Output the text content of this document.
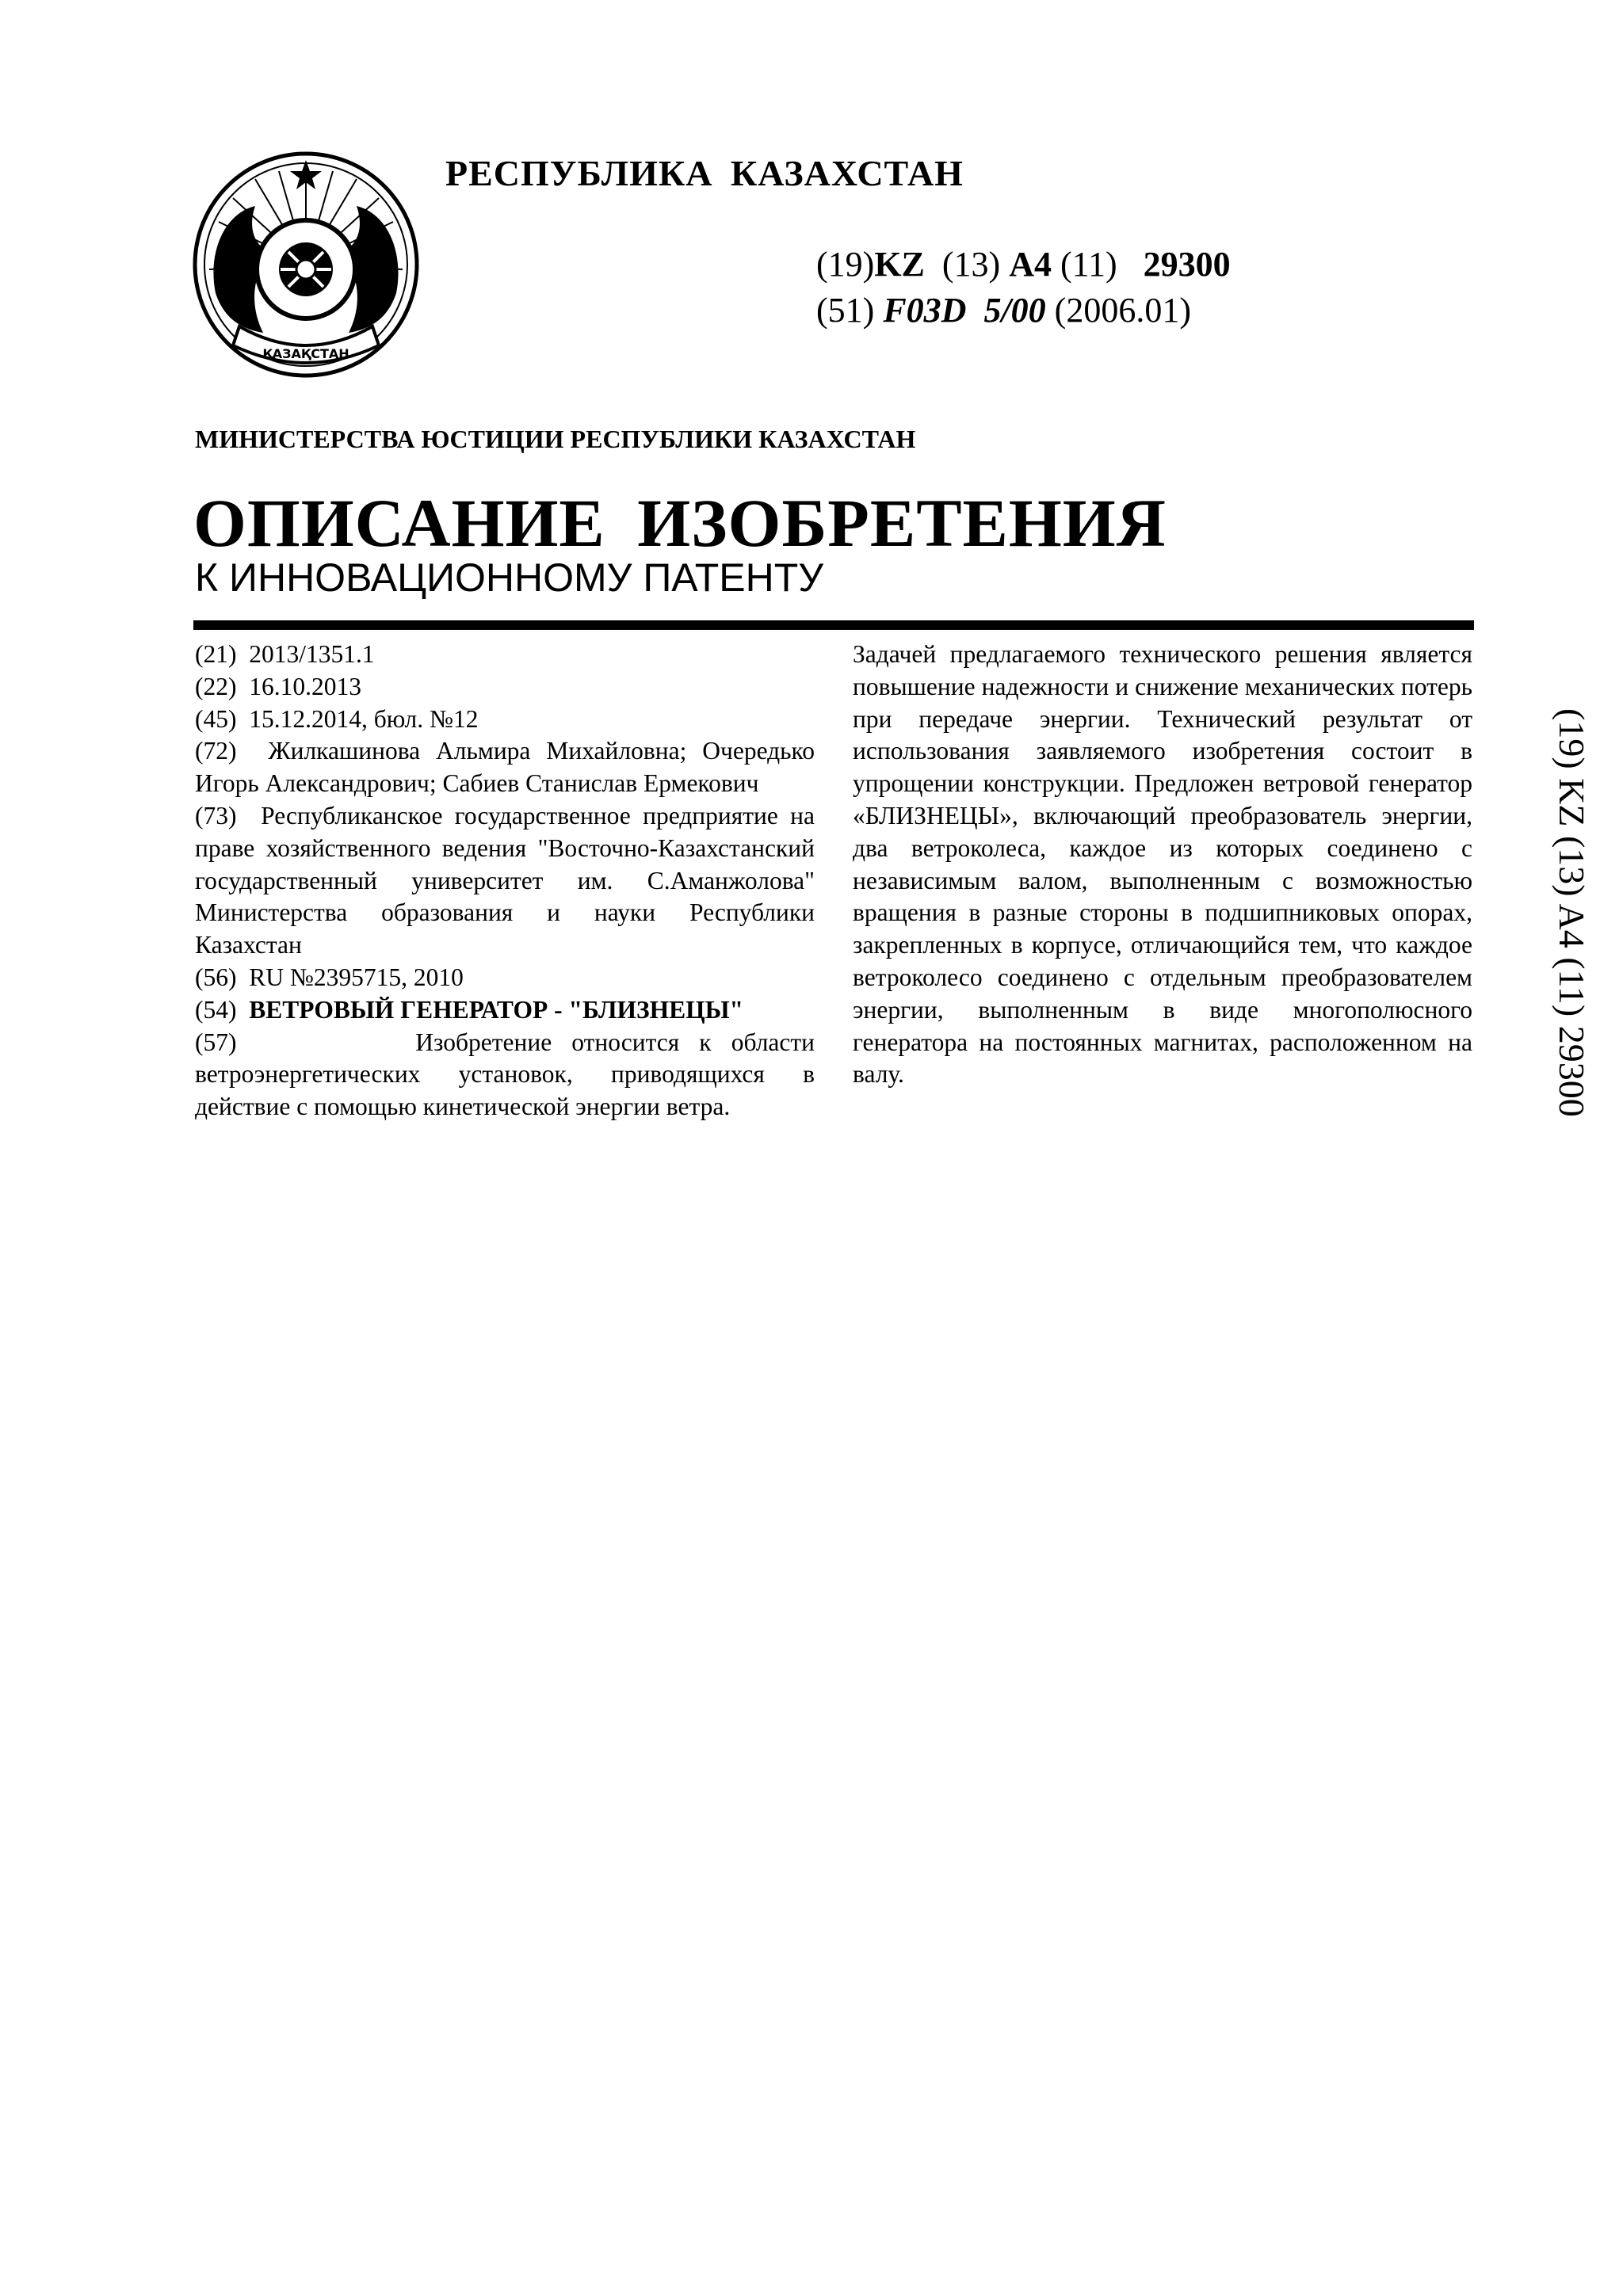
ҚАЗАҚСТАН
РЕСПУБЛИКА КАЗАХСТАН
(19)KZ (13) A4 (11) 29300
(51) F03D 5/00 (2006.01)
МИНИСТЕРСТВА ЮСТИЦИИ РЕСПУБЛИКИ КАЗАХСТАН
ОПИСАНИЕ ИЗОБРЕТЕНИЯ
К ИННОВАЦИОННОМУ ПАТЕНТУ

(21) 2013/1351.1

(22) 16.10.2013

(45) 15.12.2014, бюл. №12

(72) Жилкашинова Альмира Михайловна; Очередько Игорь Александрович; Сабиев Станислав Ермекович

(73) Республиканское государственное предприятие на праве хозяйственного ведения "Восточно-Казахстанский государственный университет им. С.Аманжолова" Министерства образования и науки Республики Казахстан

(56) RU №2395715, 2010

(54) ВЕТРОВЫЙ ГЕНЕРАТОР - "БЛИЗНЕЦЫ"

(57)	Изобретение относится к области ветроэнергетических установок, приводящихся в действие с помощью кинетической энергии ветра.

Задачей предлагаемого технического решения является повышение надежности и снижение механических потерь при передаче энергии. Технический результат от использования заявляемого изобретения состоит в упрощении конструкции. Предложен ветровой генератор «БЛИЗНЕЦЫ», включающий преобразователь энергии, два ветроколеса, каждое из которых соединено с независимым валом, выполненным с возможностью вращения в разные стороны в подшипниковых опорах, закрепленных в корпусе, отличающийся тем, что каждое ветроколесо соединено с отдельным преобразователем энергии, выполненным в виде многополюсного генератора на постоянных магнитах, расположенном на валу.	(19) KZ (13) A4 (11) 29300
